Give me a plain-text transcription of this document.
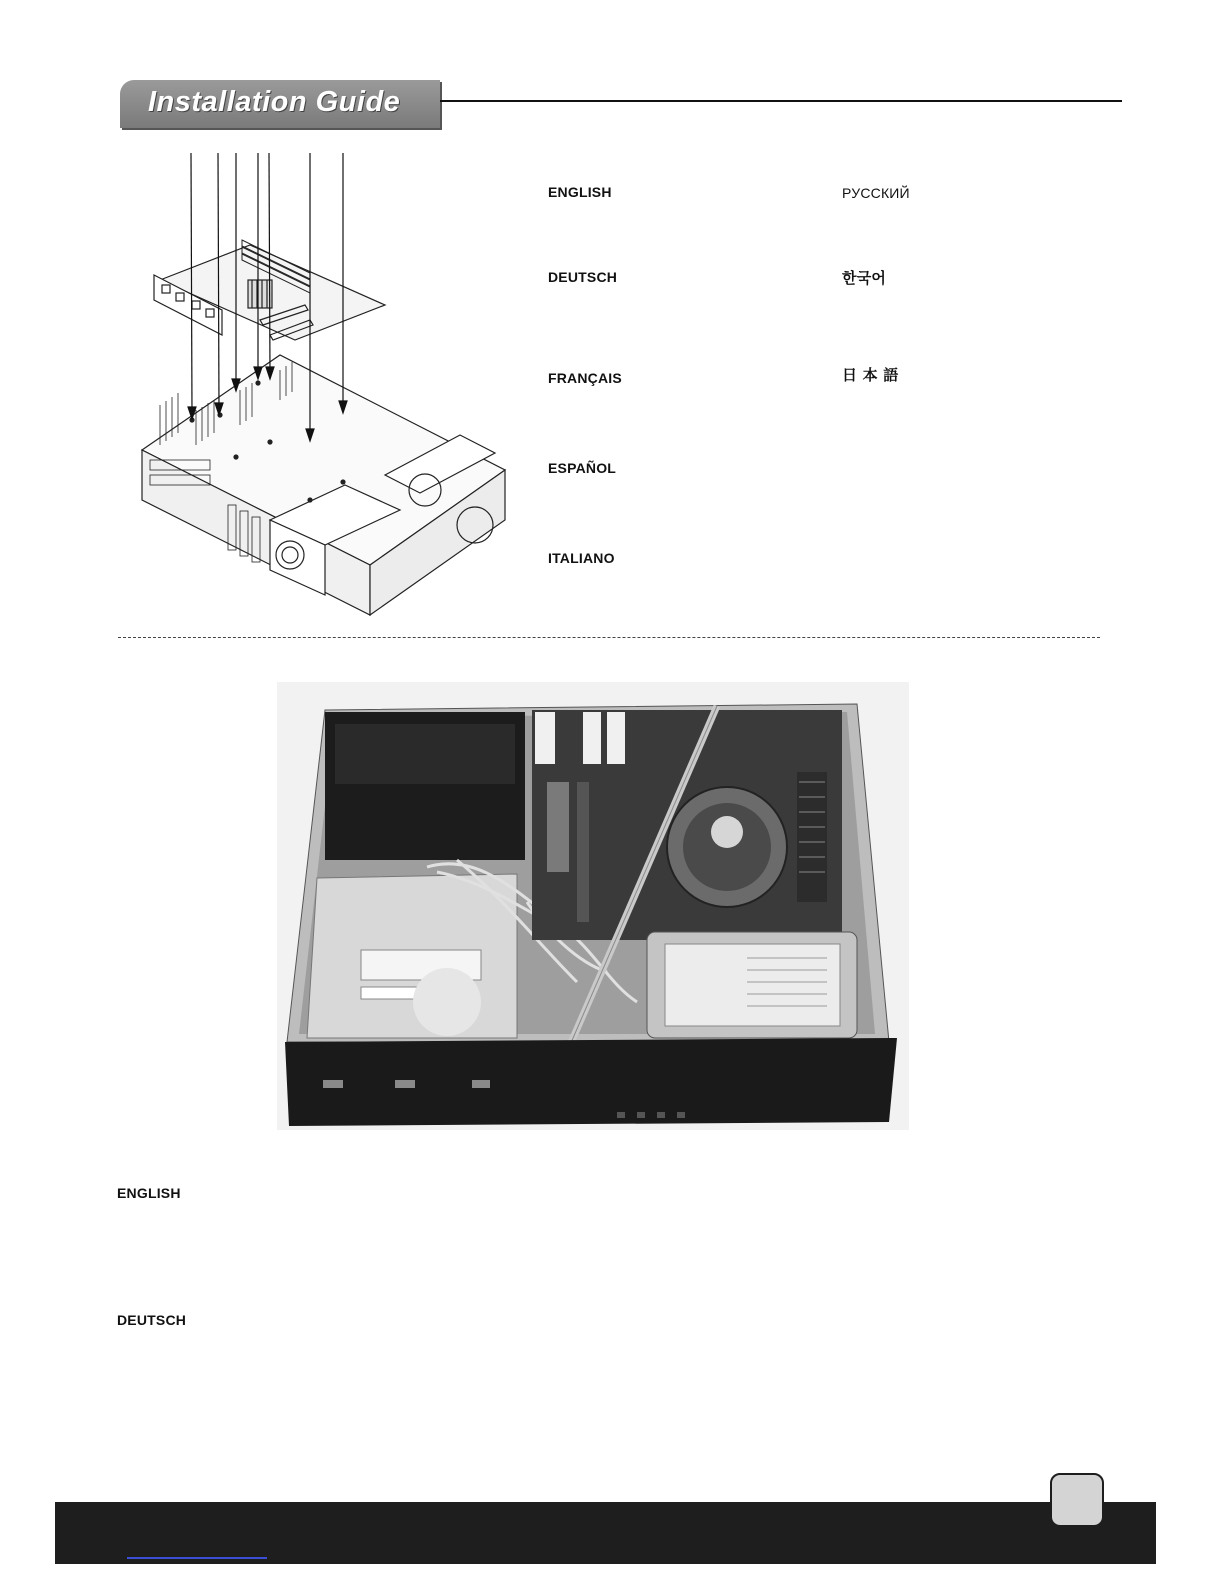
Installation Guide
ENGLISH
DEUTSCH
FRANÇAIS
ESPAÑOL
ITALIANO
РУССКИЙ
한국어
日 本 語
ENGLISH
DEUTSCH
